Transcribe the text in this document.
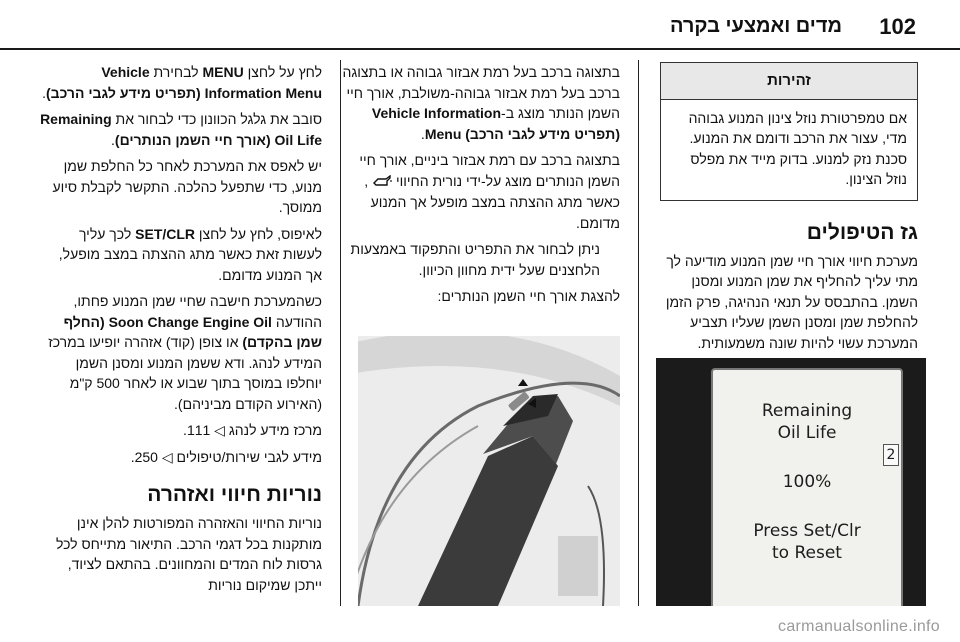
102
מדים ואמצעי בקרה
זהירות
אם טמפרטורת נוזל צינון המנוע גבוהה מדי, עצור את הרכב ודומם את המנוע. סכנת נזק למנוע. בדוק מייד את מפלס נוזל הצינון.
גז הטיפולים

מערכת חיווי אורך חיי שמן המנוע מודיעה לך מתי עליך להחליף את שמן המנוע ומסנן השמן. בהתבסס על תנאי הנהיגה, פרק הזמן להחלפת שמן ומסנן השמן שעליו תצביע המערכת עשוי להיות שונה משמעותית.

Remaining
Oil Life
2
100%
Press Set/Clr
to Reset

בתצוגה ברכב בעל רמת אבזור גבוהה או בתצוגה ברכב בעל רמת אבזור גבוהה-משולבת, אורך חיי השמן הנותר מוצג ב-Vehicle Information Menu (תפריט מידע לגבי הרכב).

בתצוגה ברכב עם רמת אבזור ביניים, אורך חיי השמן הנותרים מוצג על-ידי נורית החיווי  , כאשר מתג ההצתה במצב מופעל אך המנוע מדומם.

ניתן לבחור את התפריט והתפקוד באמצעות הלחצנים שעל ידית מחוון הכיוון.

להצגת אורך חיי השמן הנותרים:

לחץ על לחצן MENU לבחירת Vehicle Information Menu (תפריט מידע לגבי הרכב).

סובב את גלגל הכוונון כדי לבחור את Remaining Oil Life (אורך חיי השמן הנותרים).

יש לאפס את המערכת לאחר כל החלפת שמן מנוע, כדי שתפעל כהלכה. התקשר לקבלת סיוע ממוסך.

לאיפוס, לחץ על לחצן SET/CLR לכך עליך לעשות זאת כאשר מתג ההצתה במצב מופעל, אך המנוע מדומם.

כשהמערכת חישבה שחיי שמן המנוע פחתו, ההודעה Change Engine Oil Soon (החלף שמן בהקדם) או צופן (קוד) אזהרה יופיעו במרכז המידע לנהג. ודא ששמן המנוע ומסנן השמן יוחלפו במוסך בתוך שבוע או לאחר 500 ק"מ (האירוע הקודם מביניהם).

מרכז מידע לנהג ◁ 111.

מידע לגבי שירות/טיפולים ◁ 250.

נוריות חיווי ואזהרה

נוריות החיווי והאזהרה המפורטות להלן אינן מותקנות בכל דגמי הרכב. התיאור מתייחס לכל גרסות לוח המדים והמחוונים. בהתאם לציוד, ייתכן שמיקום נוריות

carmanualsonline.info
